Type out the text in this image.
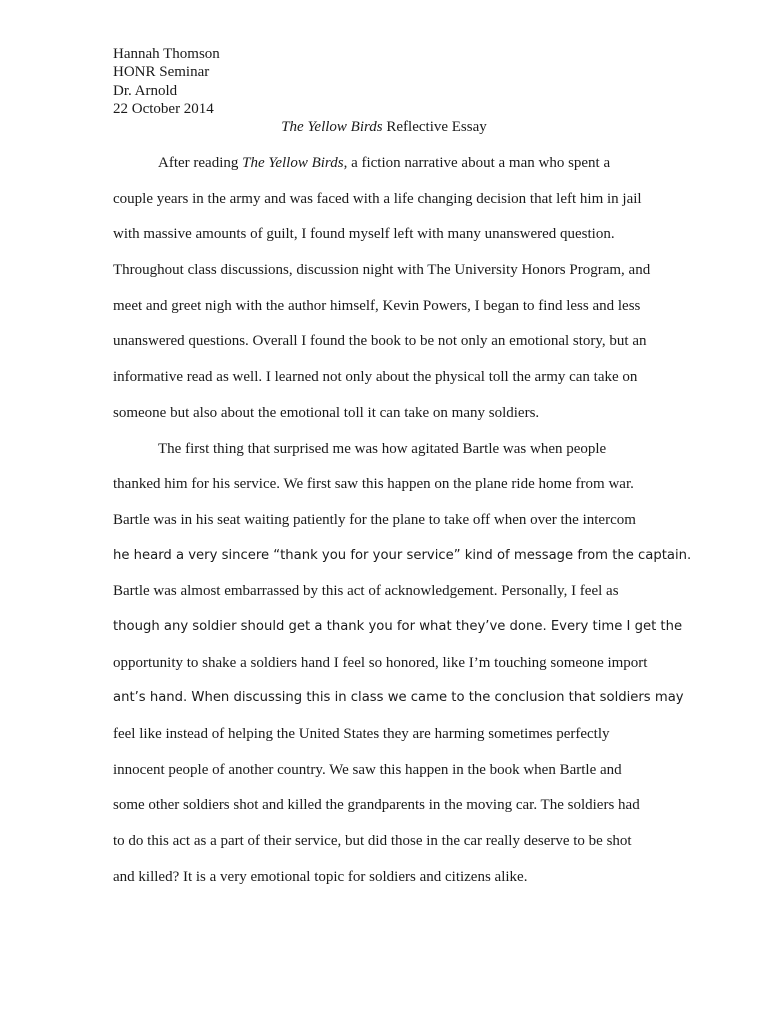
Hannah Thomson
HONR Seminar
Dr. Arnold
22 October 2014
The Yellow Birds Reflective Essay
After reading The Yellow Birds, a fiction narrative about a man who spent a
couple years in the army and was faced with a life changing decision that left him in jail
with massive amounts of guilt, I found myself left with many unanswered question.
Throughout class discussions, discussion night with The University Honors Program, and
meet and greet nigh with the author himself, Kevin Powers, I began to find less and less
unanswered questions. Overall I found the book to be not only an emotional story, but an
informative read as well. I learned not only about the physical toll the army can take on
someone but also about the emotional toll it can take on many soldiers.
The first thing that surprised me was how agitated Bartle was when people
thanked him for his service. We first saw this happen on the plane ride home from war.
Bartle was in his seat waiting patiently for the plane to take off when over the intercom
he heard a very sincere “thank you for your service” kind of message from the captain.
Bartle was almost embarrassed by this act of acknowledgement. Personally, I feel as
though any soldier should get a thank you for what they’ve done. Every time I get the
opportunity to shake a soldiers hand I feel so honored, like I’m touching someone import
ant’s hand. When discussing this in class we came to the conclusion that soldiers may
feel like instead of helping the United States they are harming sometimes perfectly
innocent people of another country. We saw this happen in the book when Bartle and
some other soldiers shot and killed the grandparents in the moving car. The soldiers had
to do this act as a part of their service, but did those in the car really deserve to be shot
and killed? It is a very emotional topic for soldiers and citizens alike.
